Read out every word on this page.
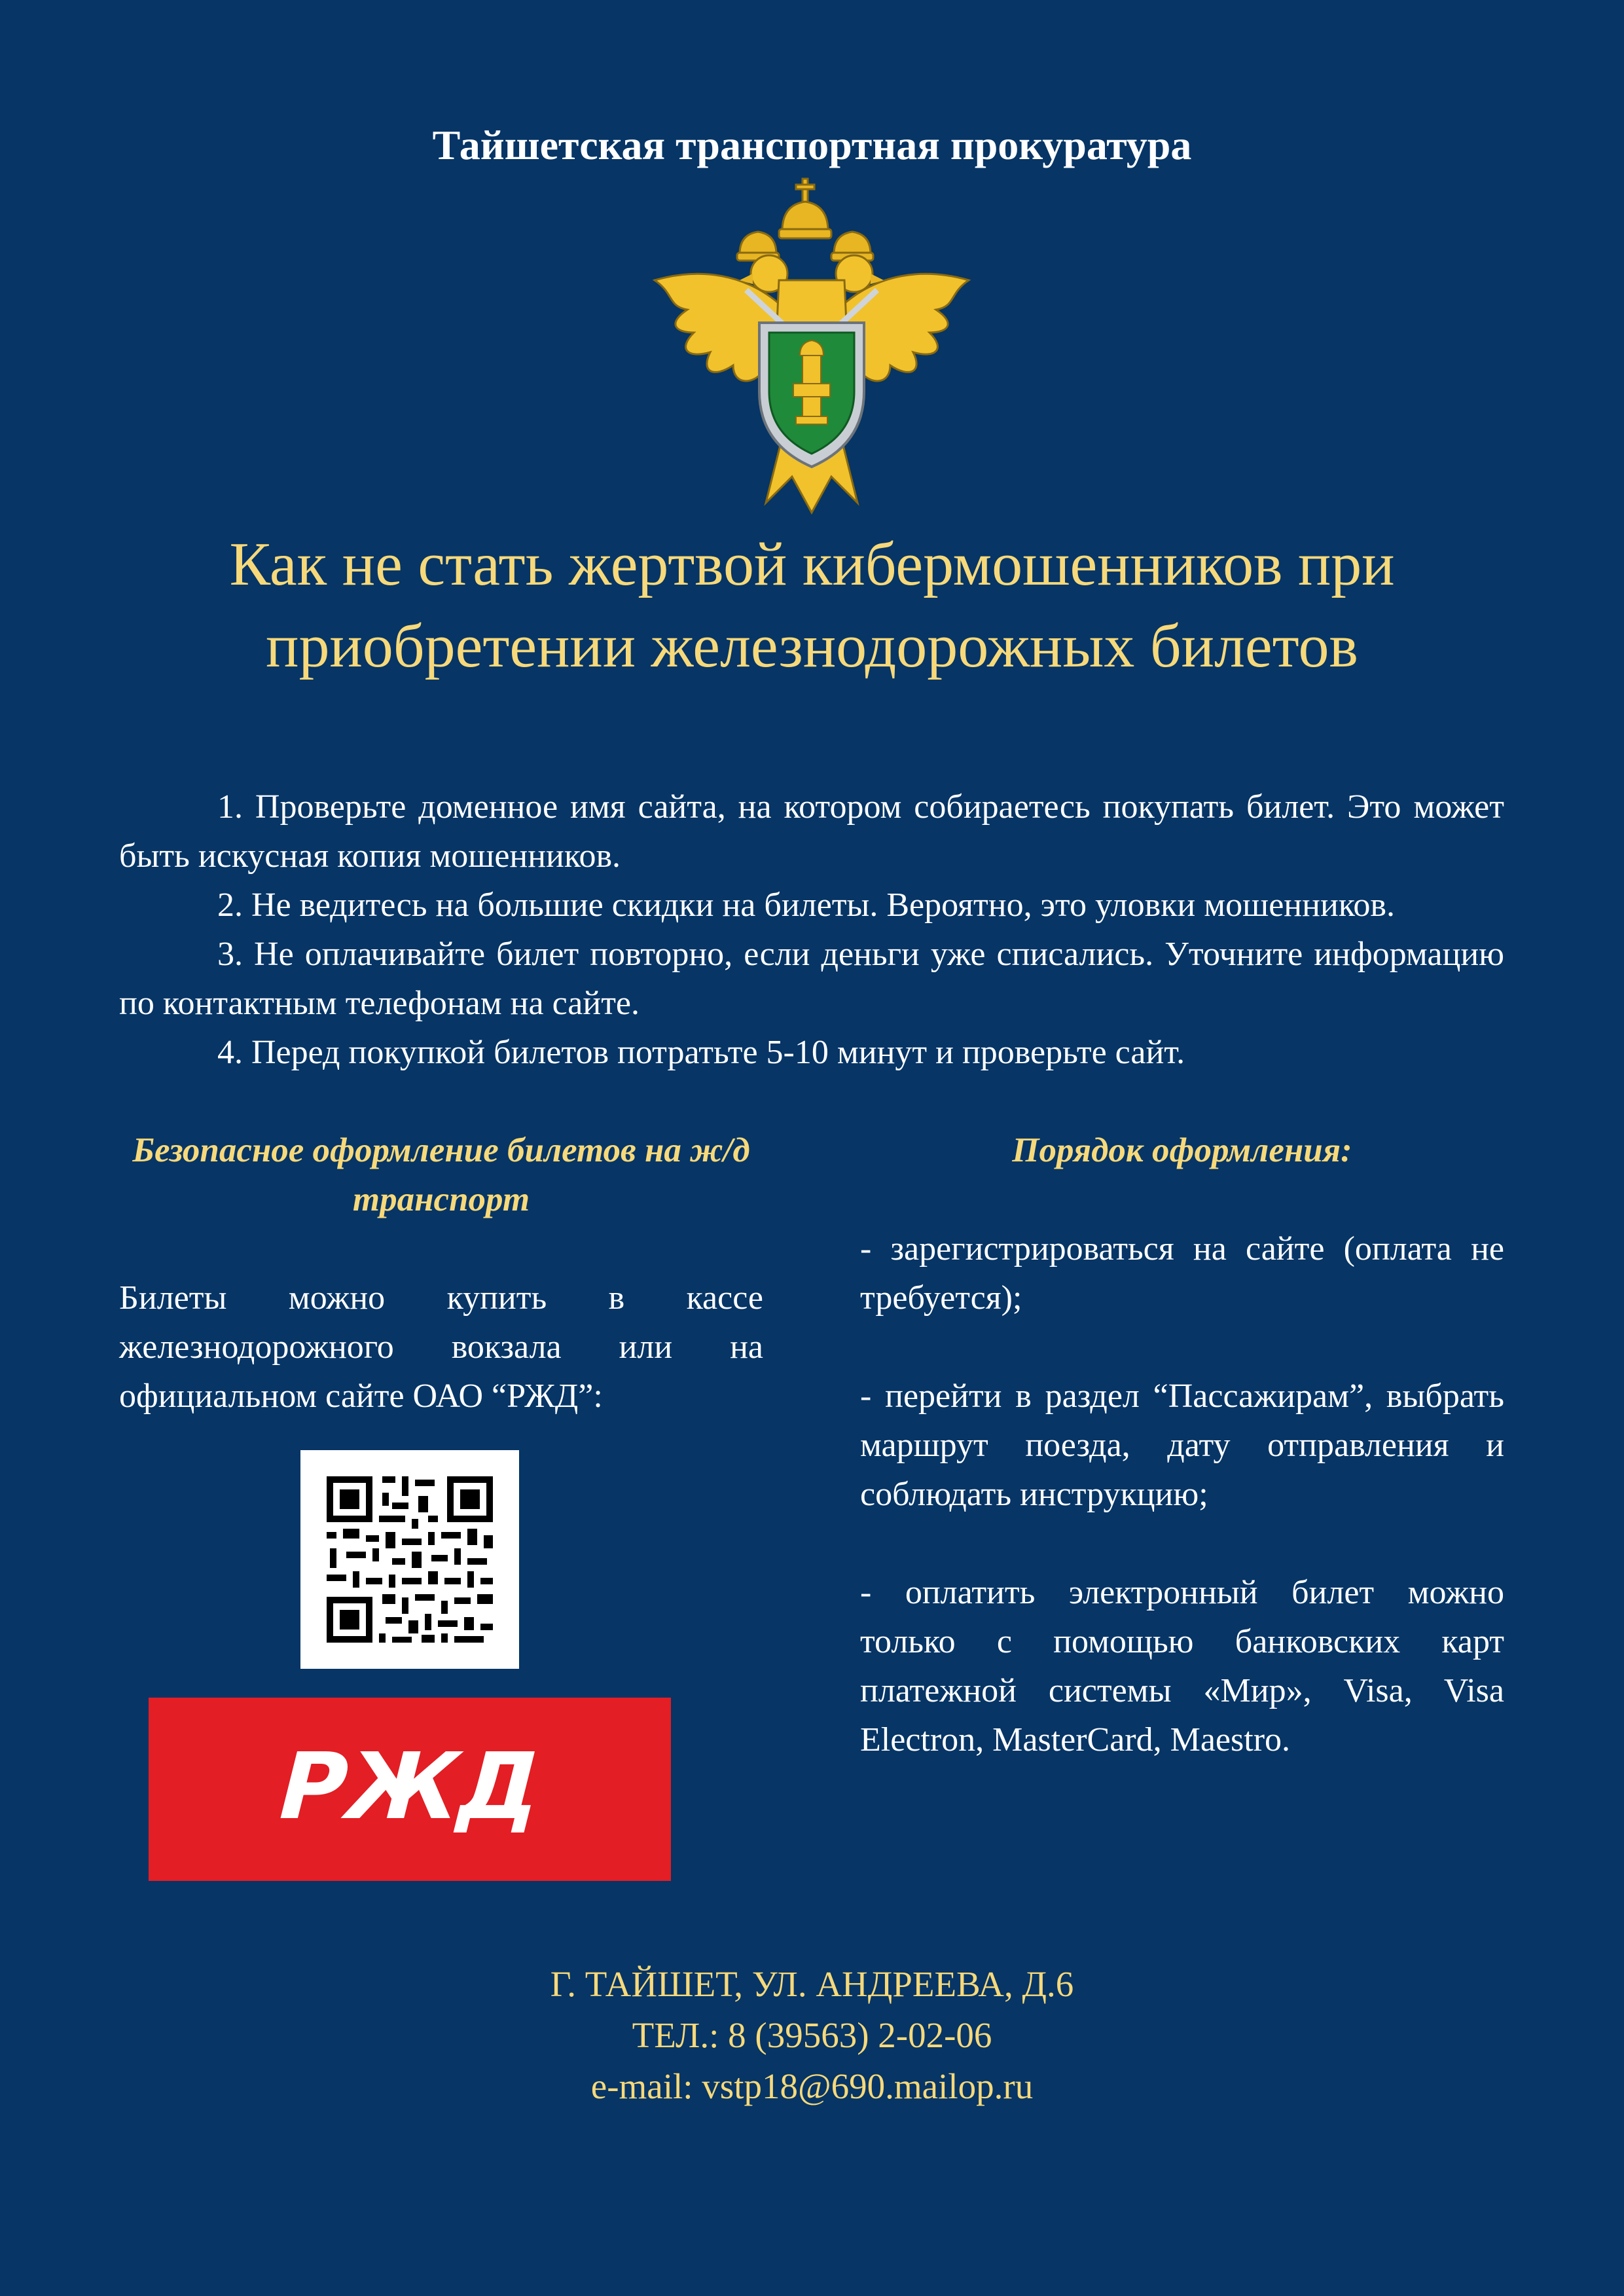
Тайшетская транспортная прокуратура
Как не стать жертвой кибермошенников при приобретении железнодорожных билетов

1. Проверьте доменное имя сайта, на котором собираетесь покупать билет. Это может быть искусная копия мошенников.

2. Не ведитесь на большие скидки на билеты. Вероятно, это уловки мошенников.

3. Не оплачивайте билет повторно, если деньги уже списались. Уточните информацию по контактным телефонам на сайте.

4. Перед покупкой билетов потратьте 5-10 минут и проверьте сайт.

Безопасное оформление билетов на ж/д транспорт
Билеты можно купить в кассе железнодорожного вокзала или на официальном сайте ОАО “РЖД”:
РЖД
Порядок оформления:

- зарегистрироваться на сайте (оплата не требуется);

- перейти в раздел “Пассажирам”, выбрать маршрут поезда, дату отправления и соблюдать инструкцию;

- оплатить электронный билет можно только с помощью банковских карт платежной системы «Мир», Visa, Visa Electron, MasterCard, Maestro.

Г. ТАЙШЕТ, УЛ. АНДРЕЕВА, Д.6
ТЕЛ.: 8 (39563) 2-02-06
e-mail: vstp18@690.mailop.ru
